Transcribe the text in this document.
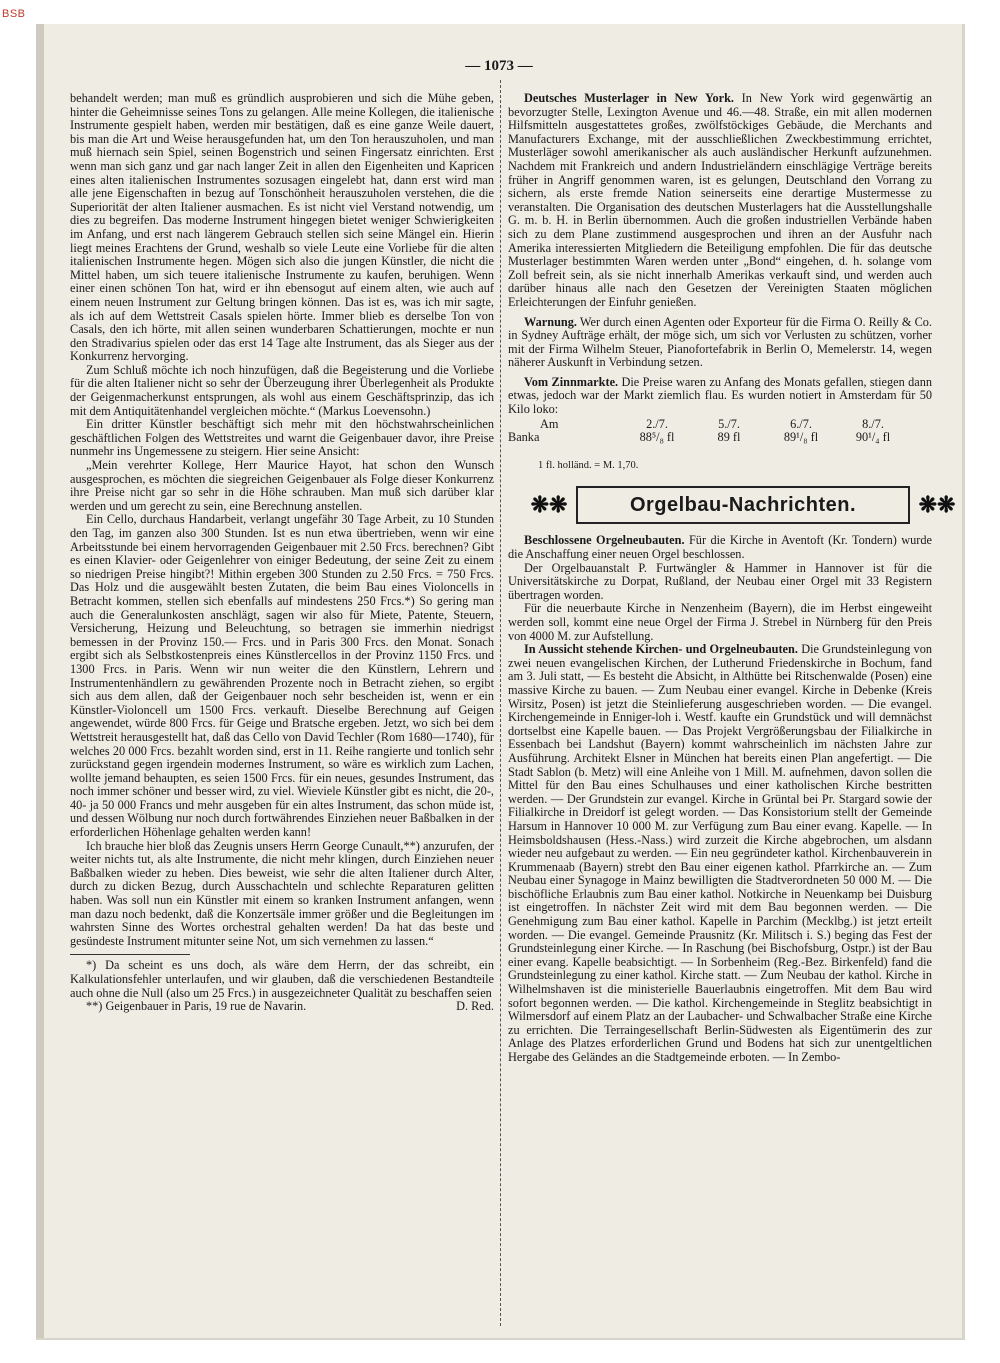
BSB
— 1073 —

behandelt werden; man muß es gründlich ausprobieren und sich die Mühe geben, hinter die Geheimnisse seines Tons zu gelangen. Alle meine Kollegen, die italienische Instrumente gespielt haben, werden mir bestätigen, daß es eine ganze Weile dauert, bis man die Art und Weise herausgefunden hat, um den Ton herauszuholen, und man muß hiernach sein Spiel, seinen Bogenstrich und seinen Fingersatz einrichten. Erst wenn man sich ganz und gar nach langer Zeit in allen den Eigenheiten und Kapricen eines alten italienischen Instrumentes sozusagen eingelebt hat, dann erst wird man alle jene Eigenschaften in bezug auf Tonschönheit herauszuholen verstehen, die die Superiorität der alten Italiener ausmachen. Es ist nicht viel Verstand notwendig, um dies zu begreifen. Das moderne Instrument hingegen bietet weniger Schwierigkeiten im Anfang, und erst nach längerem Gebrauch stellen sich seine Mängel ein. Hierin liegt meines Erachtens der Grund, weshalb so viele Leute eine Vorliebe für die alten italienischen Instrumente hegen. Mögen sich also die jungen Künstler, die nicht die Mittel haben, um sich teuere italienische Instrumente zu kaufen, beruhigen. Wenn einer einen schönen Ton hat, wird er ihn ebensogut auf einem alten, wie auch auf einem neuen Instrument zur Geltung bringen können. Das ist es, was ich mir sagte, als ich auf dem Wettstreit Casals spielen hörte. Immer blieb es derselbe Ton von Casals, den ich hörte, mit allen seinen wunderbaren Schattierungen, mochte er nun den Stradivarius spielen oder das erst 14 Tage alte Instrument, das als Sieger aus der Konkurrenz hervorging.

Zum Schluß möchte ich noch hinzufügen, daß die Begeisterung und die Vorliebe für die alten Italiener nicht so sehr der Überzeugung ihrer Überlegenheit als Produkte der Geigenmacherkunst entsprungen, als wohl aus einem Geschäftsprinzip, das ich mit dem Antiquitätenhandel vergleichen möchte.“ (Markus Loevensohn.)

Ein dritter Künstler beschäftigt sich mehr mit den höchstwahrscheinlichen geschäftlichen Folgen des Wettstreites und warnt die Geigenbauer davor, ihre Preise nunmehr ins Ungemessene zu steigern. Hier seine Ansicht:

„Mein verehrter Kollege, Herr Maurice Hayot, hat schon den Wunsch ausgesprochen, es möchten die siegreichen Geigenbauer als Folge dieser Konkurrenz ihre Preise nicht gar so sehr in die Höhe schrauben. Man muß sich darüber klar werden und um gerecht zu sein, eine Berechnung anstellen.

Ein Cello, durchaus Handarbeit, verlangt ungefähr 30 Tage Arbeit, zu 10 Stunden den Tag, im ganzen also 300 Stunden. Ist es nun etwa übertrieben, wenn wir eine Arbeitsstunde bei einem hervorragenden Geigenbauer mit 2.50 Frcs. berechnen? Gibt es einen Klavier- oder Geigenlehrer von einiger Bedeutung, der seine Zeit zu einem so niedrigen Preise hingibt?! Mithin ergeben 300 Stunden zu 2.50 Frcs. = 750 Frcs. Das Holz und die ausgewählt besten Zutaten, die beim Bau eines Violoncells in Betracht kommen, stellen sich ebenfalls auf mindestens 250 Frcs.*) So gering man auch die Generalunkosten anschlägt, sagen wir also für Miete, Patente, Steuern, Versicherung, Heizung und Beleuchtung, so betragen sie immerhin niedrigst bemessen in der Provinz 150.— Frcs. und in Paris 300 Frcs. den Monat. Sonach ergibt sich als Selbstkostenpreis eines Künstlercellos in der Provinz 1150 Frcs. und 1300 Frcs. in Paris. Wenn wir nun weiter die den Künstlern, Lehrern und Instrumentenhändlern zu gewährenden Prozente noch in Betracht ziehen, so ergibt sich aus dem allen, daß der Geigenbauer noch sehr bescheiden ist, wenn er ein Künstler-Violoncell um 1500 Frcs. verkauft. Dieselbe Berechnung auf Geigen angewendet, würde 800 Frcs. für Geige und Bratsche ergeben. Jetzt, wo sich bei dem Wettstreit herausgestellt hat, daß das Cello von David Techler (Rom 1680—1740), für welches 20 000 Frcs. bezahlt worden sind, erst in 11. Reihe rangierte und tonlich sehr zurückstand gegen irgendein modernes Instrument, so wäre es wirklich zum Lachen, wollte jemand behaupten, es seien 1500 Frcs. für ein neues, gesundes Instrument, das noch immer schöner und besser wird, zu viel. Wieviele Künstler gibt es nicht, die 20-, 40- ja 50 000 Francs und mehr ausgeben für ein altes Instrument, das schon müde ist, und dessen Wölbung nur noch durch fortwährendes Einziehen neuer Baßbalken in der erforderlichen Höhenlage gehalten werden kann!

Ich brauche hier bloß das Zeugnis unsers Herrn George Cunault,**) anzurufen, der weiter nichts tut, als alte Instrumente, die nicht mehr klingen, durch Einziehen neuer Baßbalken wieder zu heben. Dies beweist, wie sehr die alten Italiener durch Alter, durch zu dicken Bezug, durch Ausschachteln und schlechte Reparaturen gelitten haben. Was soll nun ein Künstler mit einem so kranken Instrument anfangen, wenn man dazu noch bedenkt, daß die Konzertsäle immer größer und die Begleitungen im wahrsten Sinne des Wortes orchestral gehalten werden! Da hat das beste und gesündeste Instrument mitunter seine Not, um sich vernehmen zu lassen.“

*) Da scheint es uns doch, als wäre dem Herrn, der das schreibt, ein Kalkulationsfehler unterlaufen, und wir glauben, daß die verschiedenen Bestandteile auch ohne die Null (also um 25 Frcs.) in ausgezeichneter Qualität zu beschaffen seien
D. Red.

**) Geigenbauer in Paris, 19 rue de Navarin.

Deutsches Musterlager in New York. In New York wird gegenwärtig an bevorzugter Stelle, Lexington Avenue und 46.—48. Straße, ein mit allen modernen Hilfsmitteln ausgestattetes großes, zwölfstöckiges Gebäude, die Merchants and Manufacturers Exchange, mit der ausschließlichen Zweckbestimmung errichtet, Musterläger sowohl amerikanischer als auch ausländischer Herkunft aufzunehmen. Nachdem mit Frankreich und andern Industrieländern einschlägige Verträge bereits früher in Angriff genommen waren, ist es gelungen, Deutschland den Vorrang zu sichern, als erste fremde Nation seinerseits eine derartige Mustermesse zu veranstalten. Die Organisation des deutschen Musterlagers hat die Ausstellungshalle G. m. b. H. in Berlin übernommen. Auch die großen industriellen Verbände haben sich zu dem Plane zustimmend ausgesprochen und ihren an der Ausfuhr nach Amerika interessierten Mitgliedern die Beteiligung empfohlen. Die für das deutsche Musterlager bestimmten Waren werden unter „Bond“ eingehen, d. h. solange vom Zoll befreit sein, als sie nicht innerhalb Amerikas verkauft sind, und werden auch darüber hinaus alle nach den Gesetzen der Vereinigten Staaten möglichen Erleichterungen der Einfuhr genießen.

Warnung. Wer durch einen Agenten oder Exporteur für die Firma O. Reilly & Co. in Sydney Aufträge erhält, der möge sich, um sich vor Verlusten zu schützen, vorher mit der Firma Wilhelm Steuer, Pianofortefabrik in Berlin O, Memelerstr. 14, wegen näherer Auskunft in Verbindung setzen.

Vom Zinnmarkte. Die Preise waren zu Anfang des Monats gefallen, stiegen dann etwas, jedoch war der Markt ziemlich flau. Es wurden notiert in Amsterdam für 50 Kilo loko:

Am	2./7.	5./7.	6./7.	8./7.
Banka	88⁵/₈ fl	89 fl	89¹/₈ fl	90¹/₄ fl
1 fl. holländ. = M. 1,70.
❋❋	Orgelbau-Nachrichten.	❋❋

Beschlossene Orgelneubauten. Für die Kirche in Aventoft (Kr. Tondern) wurde die Anschaffung einer neuen Orgel beschlossen.

Der Orgelbauanstalt P. Furtwängler & Hammer in Hannover ist für die Universitätskirche zu Dorpat, Rußland, der Neubau einer Orgel mit 33 Registern übertragen worden.

Für die neuerbaute Kirche in Nenzenheim (Bayern), die im Herbst eingeweiht werden soll, kommt eine neue Orgel der Firma J. Strebel in Nürnberg für den Preis von 4000 M. zur Aufstellung.

In Aussicht stehende Kirchen- und Orgelneubauten. Die Grundsteinlegung von zwei neuen evangelischen Kirchen, der Lutherund Friedenskirche in Bochum, fand am 3. Juli statt, — Es besteht die Absicht, in Althütte bei Ritschenwalde (Posen) eine massive Kirche zu bauen. — Zum Neubau einer evangel. Kirche in Debenke (Kreis Wirsitz, Posen) ist jetzt die Steinlieferung ausgeschrieben worden. — Die evangel. Kirchengemeinde in Enniger-loh i. Westf. kaufte ein Grundstück und will demnächst dortselbst eine Kapelle bauen. — Das Projekt Vergrößerungsbau der Filialkirche in Essenbach bei Landshut (Bayern) kommt wahrscheinlich im nächsten Jahre zur Ausführung. Architekt Elsner in München hat bereits einen Plan angefertigt. — Die Stadt Sablon (b. Metz) will eine Anleihe von 1 Mill. M. aufnehmen, davon sollen die Mittel für den Bau eines Schulhauses und einer katholischen Kirche bestritten werden. — Der Grundstein zur evangel. Kirche in Grüntal bei Pr. Stargard sowie der Filialkirche in Dreidorf ist gelegt worden. — Das Konsistorium stellt der Gemeinde Harsum in Hannover 10 000 M. zur Verfügung zum Bau einer evang. Kapelle. — In Heimsboldshausen (Hess.-Nass.) wird zurzeit die Kirche abgebrochen, um alsdann wieder neu aufgebaut zu werden. — Ein neu gegründeter kathol. Kirchenbauverein in Krummenaab (Bayern) strebt den Bau einer eigenen kathol. Pfarrkirche an. — Zum Neubau einer Synagoge in Mainz bewilligten die Stadtverordneten 50 000 M. — Die bischöfliche Erlaubnis zum Bau einer kathol. Notkirche in Neuenkamp bei Duisburg ist eingetroffen. In nächster Zeit wird mit dem Bau begonnen werden. — Die Genehmigung zum Bau einer kathol. Kapelle in Parchim (Mecklbg.) ist jetzt erteilt worden. — Die evangel. Gemeinde Prausnitz (Kr. Militsch i. S.) beging das Fest der Grundsteinlegung einer Kirche. — In Raschung (bei Bischofsburg, Ostpr.) ist der Bau einer evang. Kapelle beabsichtigt. — In Sorbenheim (Reg.-Bez. Birkenfeld) fand die Grundsteinlegung zu einer kathol. Kirche statt. — Zum Neubau der kathol. Kirche in Wilhelmshaven ist die ministerielle Bauerlaubnis eingetroffen. Mit dem Bau wird sofort begonnen werden. — Die kathol. Kirchengemeinde in Steglitz beabsichtigt in Wilmersdorf auf einem Platz an der Laubacher- und Schwalbacher Straße eine Kirche zu errichten. Die Terraingesellschaft Berlin-Südwesten als Eigentümerin des zur Anlage des Platzes erforderlichen Grund und Bodens hat sich zur unentgeltlichen Hergabe des Geländes an die Stadtgemeinde erboten. — In Zembo-
